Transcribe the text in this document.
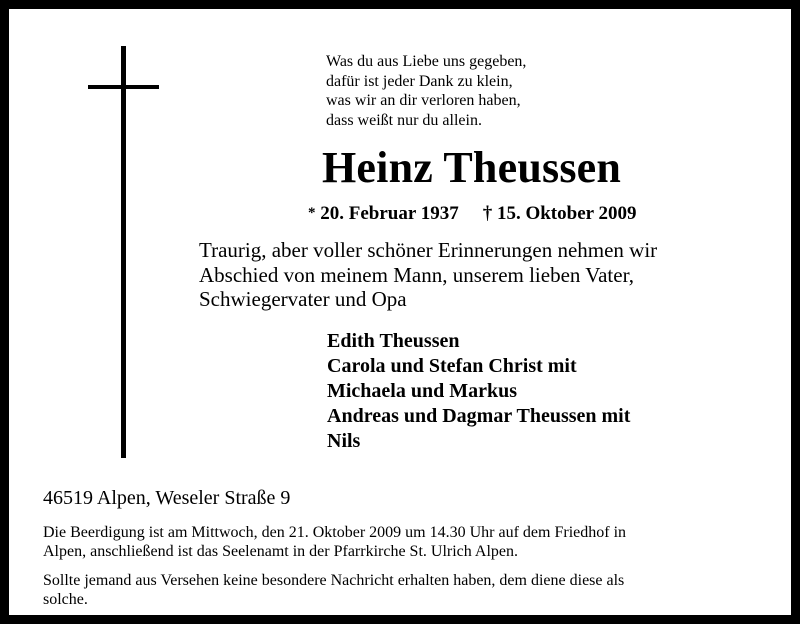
Was du aus Liebe uns gegeben,
dafür ist jeder Dank zu klein,
was wir an dir verloren haben,
dass weißt nur du allein.
Heinz Theussen
* 20. Februar 1937 † 15. Oktober 2009
Traurig, aber voller schöner Erinnerungen nehmen wir
Abschied von meinem Mann, unserem lieben Vater,
Schwiegervater und Opa
Edith Theussen
Carola und Stefan Christ mit
Michaela und Markus
Andreas und Dagmar Theussen mit
Nils
46519 Alpen, Weseler Straße 9
Die Beerdigung ist am Mittwoch, den 21. Oktober 2009 um 14.30 Uhr auf dem Friedhof in
Alpen, anschließend ist das Seelenamt in der Pfarrkirche St. Ulrich Alpen.
Sollte jemand aus Versehen keine besondere Nachricht erhalten haben, dem diene diese als
solche.
